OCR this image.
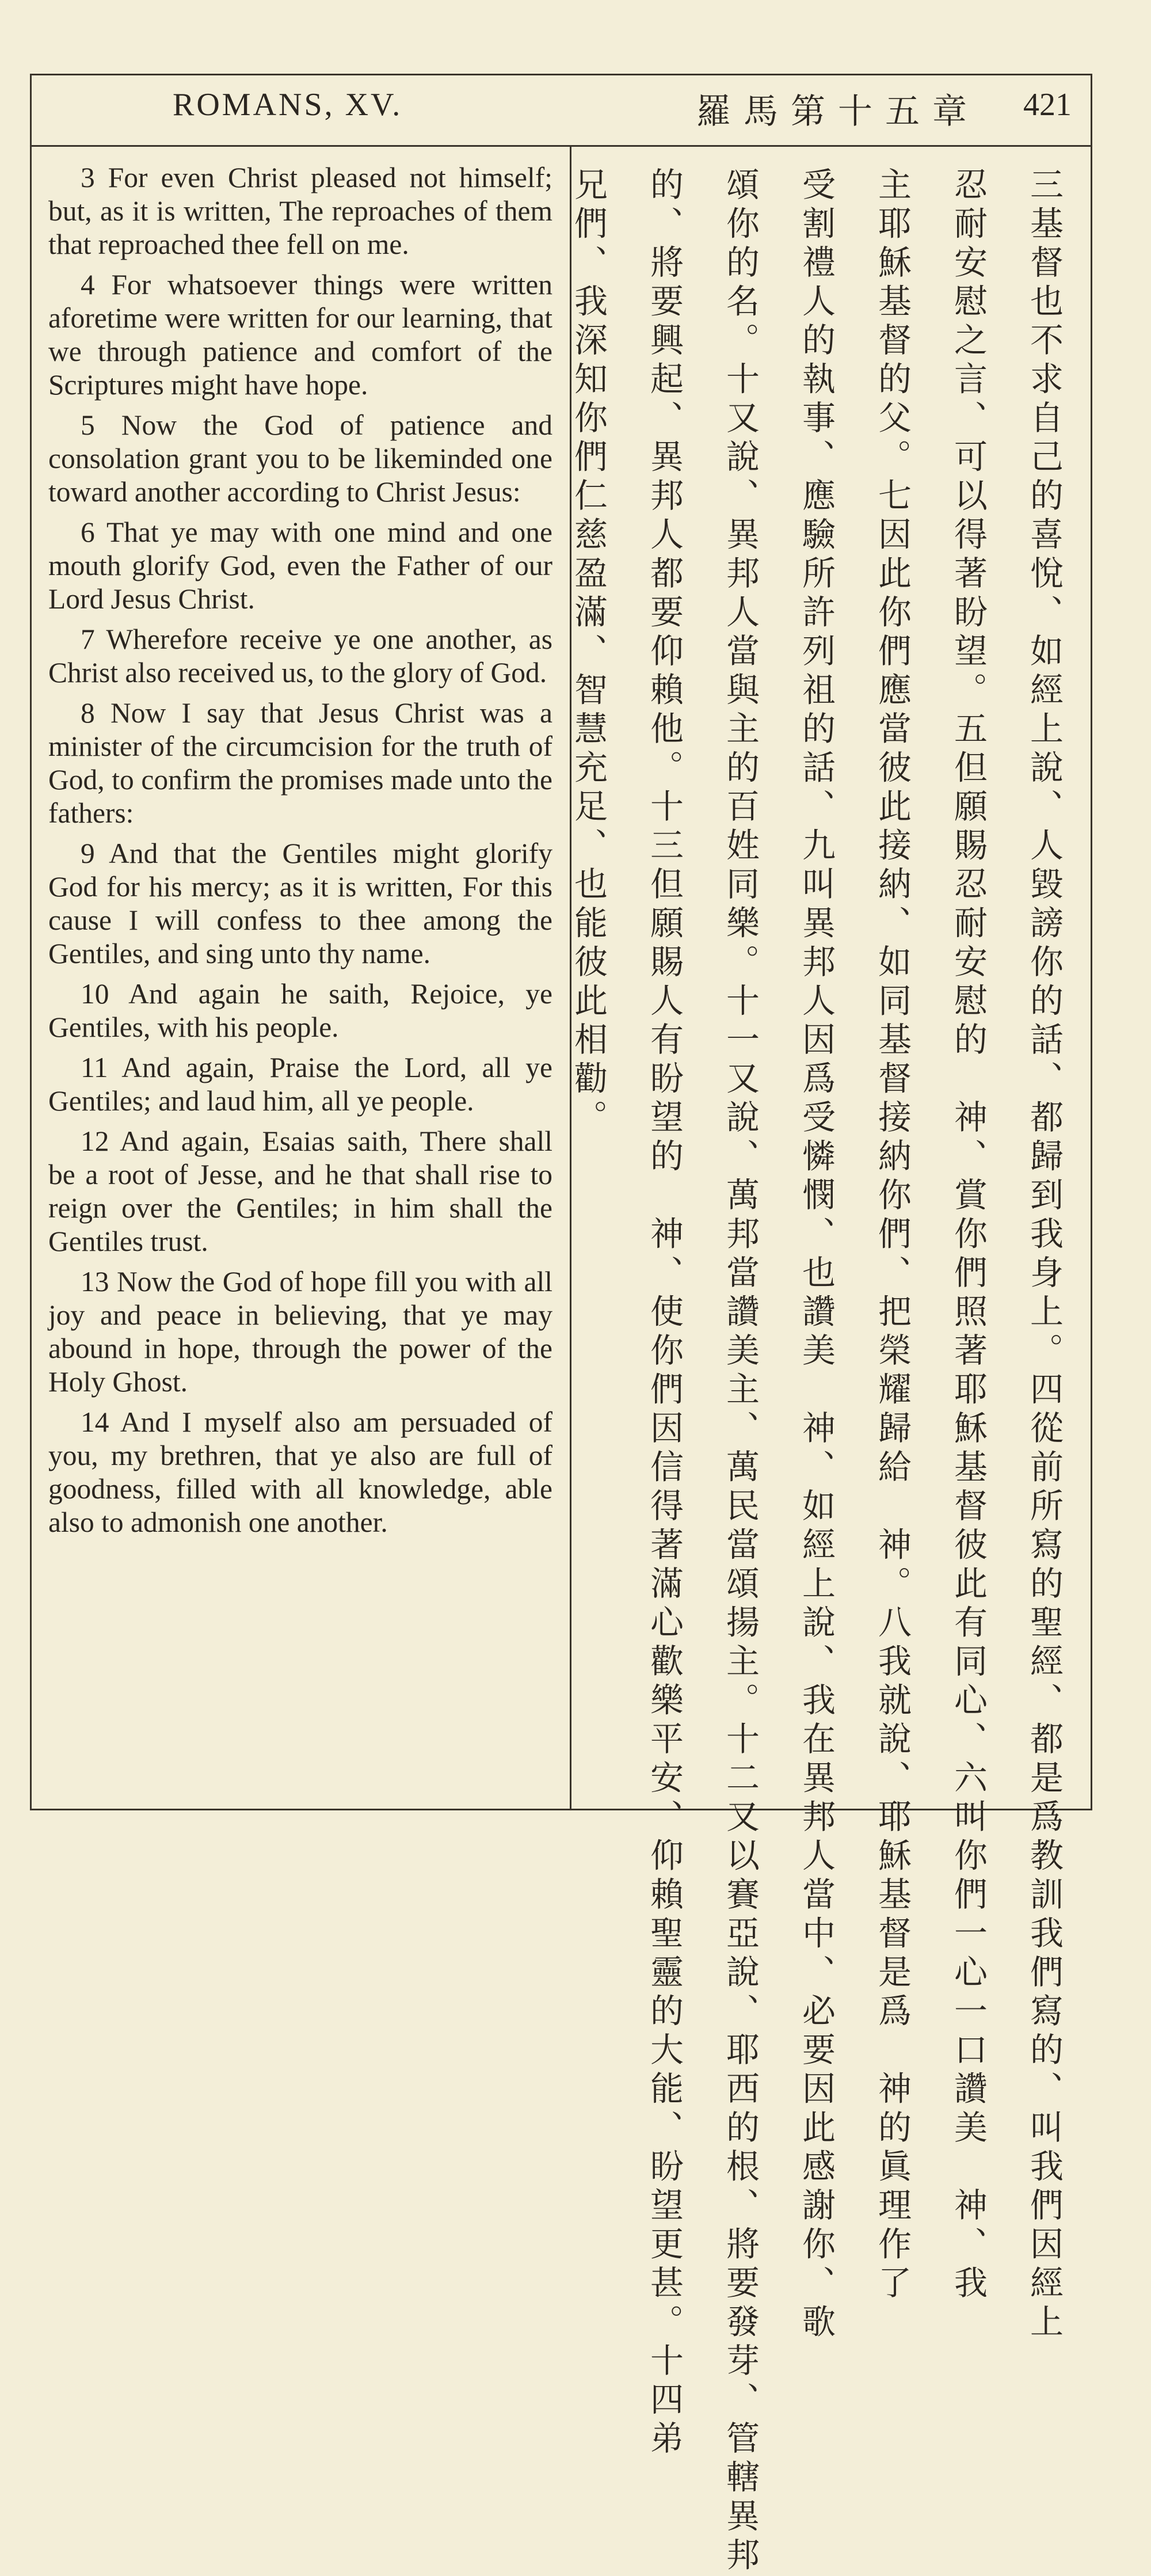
ROMANS, XV.	羅馬第十五章 421

3 For even Christ pleased not himself; but, as it is written, The reproaches of them that reproached thee fell on me.

4 For whatsoever things were written aforetime were written for our learning, that we through patience and comfort of the Scriptures might have hope.

5 Now the God of patience and consolation grant you to be likeminded one toward another according to Christ Jesus:

6 That ye may with one mind and one mouth glorify God, even the Father of our Lord Jesus Christ.

7 Wherefore receive ye one another, as Christ also received us, to the glory of God.

8 Now I say that Jesus Christ was a minister of the circumcision for the truth of God, to confirm the promises made unto the fathers:

9 And that the Gentiles might glorify God for his mercy; as it is written, For this cause I will confess to thee among the Gentiles, and sing unto thy name.

10 And again he saith, Rejoice, ye Gentiles, with his people.

11 And again, Praise the Lord, all ye Gentiles; and laud him, all ye people.

12 And again, Esaias saith, There shall be a root of Jesse, and he that shall rise to reign over the Gentiles; in him shall the Gentiles trust.

13 Now the God of hope fill you with all joy and peace in believing, that ye may abound in hope, through the power of the Holy Ghost.

14 And I myself also am persuaded of you, my brethren, that ye also are full of goodness, filled with all knowledge, able also to admonish one another.	三基督也不求自己的喜悅、如經上說、人毀謗你的話、都歸到我身上。四從前所寫的聖經、都是爲教訓我們寫的、叫我們因經上
忍耐安慰之言、可以得著盼望。五但願賜忍耐安慰的　神、賞你們照著耶穌基督彼此有同心、六叫你們一心一口讚美　神、我
主耶穌基督的父。七因此你們應當彼此接納、如同基督接納你們、把榮耀歸給　神。八我就說、耶穌基督是爲　神的眞理作了
受割禮人的執事、應驗所許列祖的話、九叫異邦人因爲受憐憫、也讚美　神、如經上說、我在異邦人當中、必要因此感謝你、歌
頌你的名。十又說、異邦人當與主的百姓同樂。十一又說、萬邦當讚美主、萬民當頌揚主。十二又以賽亞說、耶西的根、將要發芽、管轄異邦
的、將要興起、異邦人都要仰賴他。十三但願賜人有盼望的　神、使你們因信得著滿心歡樂平安、仰賴聖靈的大能、盼望更甚。十四弟
兄們、我深知你們仁慈盈滿、智慧充足、也能彼此相勸。
